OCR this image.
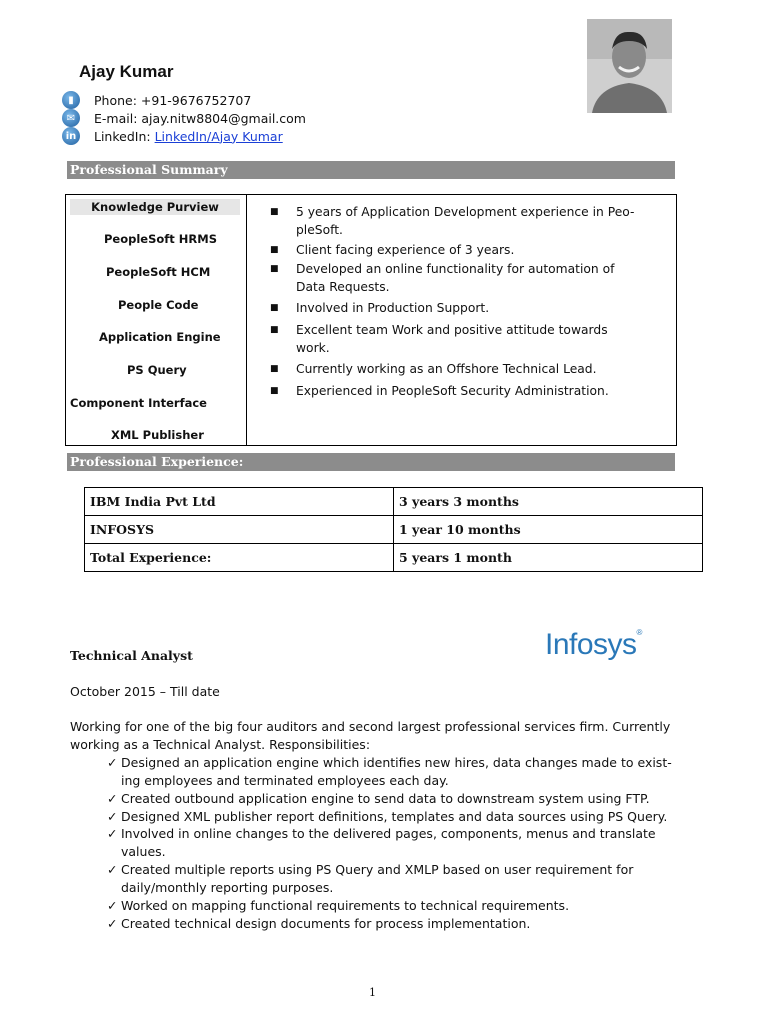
Ajay Kumar
▮	Phone: +91-9676752707
✉	E-mail: ajay.nitw8804@gmail.com
in LinkedIn:
LinkedIn/Ajay Kumar
Professional Summary
Knowledge Purview
PeopleSoft HRMS
PeopleSoft HCM
People Code
Application Engine
PS Query
Component Interface
XML Publisher
■ 5 years of Application Development experience in Peo-
pleSoft.
■ Client facing experience of 3 years.
■ Developed an online functionality for automation of
Data Requests.
■ Involved in Production Support.
■ Excellent team Work and positive attitude towards
work.
■ Currently working as an Offshore Technical Lead.
■ Experienced in PeopleSoft Security Administration.
Professional Experience:
IBM India Pvt Ltd	3 years 3 months
INFOSYS	1 year 10 months
Total Experience:	5 years 1 month
Infosys®
Technical Analyst
October 2015 – Till date
Working for one of the big four auditors and second largest professional services firm. Currently
working as a Technical Analyst. Responsibilities:
✓ Designed an application engine which identifies new hires, data changes made to exist-
ing employees and terminated employees each day.
✓ Created outbound application engine to send data to downstream system using FTP.
✓ Designed XML publisher report definitions, templates and data sources using PS Query.
✓ Involved in online changes to the delivered pages, components, menus and translate
values.
✓ Created multiple reports using PS Query and XMLP based on user requirement for
daily/monthly reporting purposes.
✓ Worked on mapping functional requirements to technical requirements.
✓ Created technical design documents for process implementation.
1
